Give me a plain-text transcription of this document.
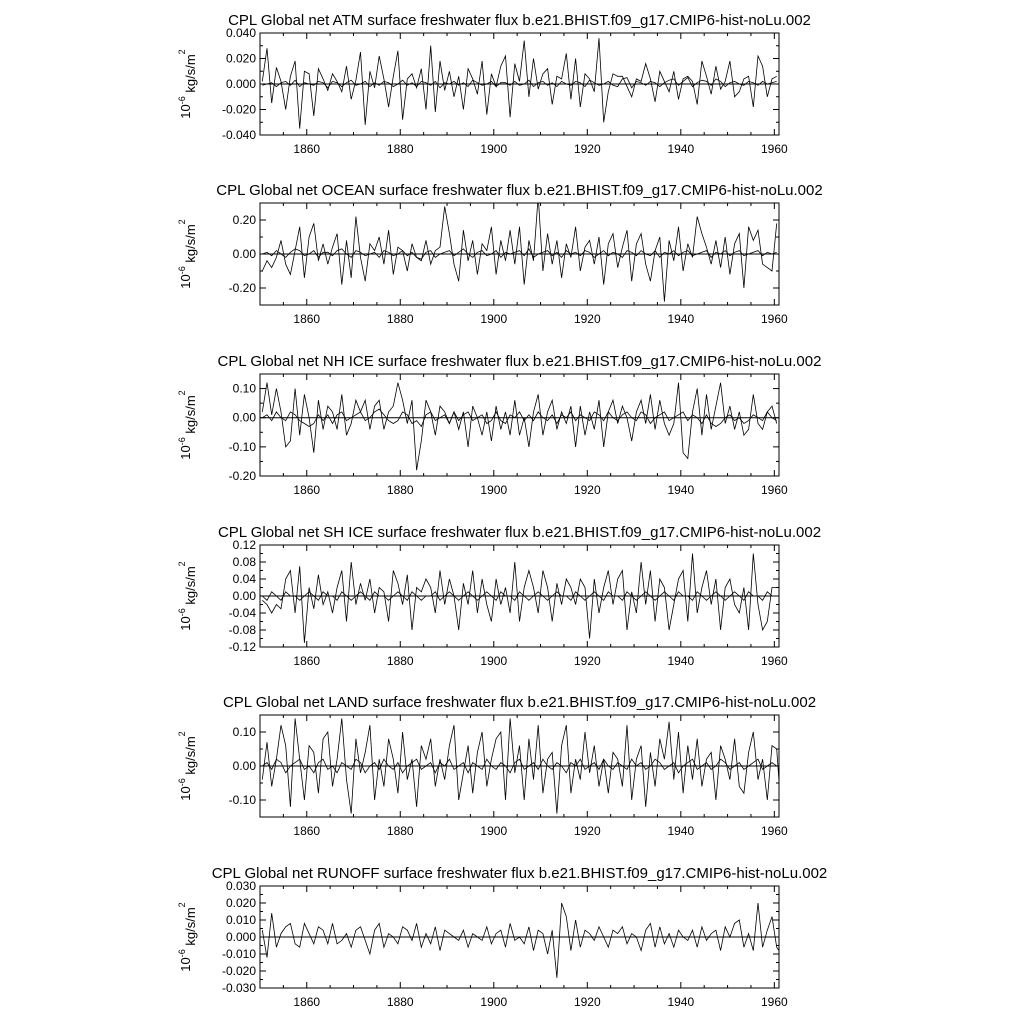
CPL Global net ATM surface freshwater flux b.e21.BHIST.f09_g17.CMIP6-hist-noLu.002
$10^{-6}$ $kg/s/m^2$
1860	1880	1900	1920	1940	1960
-0.040
-0.020
0.000
0.020
0.040
CPL Global net OCEAN surface freshwater flux b.e21.BHIST.f09_g17.CMIP6-hist-noLu.002
$10^{-6}$ $kg/s/m^2$
1860	1880	1900	1920	1940	1960
-0.20
0.00
0.20
CPL Global net NH ICE surface freshwater flux b.e21.BHIST.f09_g17.CMIP6-hist-noLu.002
$10^{-6}$ $kg/s/m^2$
1860	1880	1900	1920	1940	1960
-0.20
-0.10
0.00
0.10
CPL Global net SH ICE surface freshwater flux b.e21.BHIST.f09_g17.CMIP6-hist-noLu.002
$10^{-6}$ $kg/s/m^2$
1860	1880	1900	1920	1940	1960
-0.12
-0.08
-0.04
0.00
0.04
0.08
0.12
CPL Global net LAND surface freshwater flux b.e21.BHIST.f09_g17.CMIP6-hist-noLu.002
$10^{-6}$ $kg/s/m^2$
1860	1880	1900	1920	1940	1960
-0.10
0.00
0.10
CPL Global net RUNOFF surface freshwater flux b.e21.BHIST.f09_g17.CMIP6-hist-noLu.002
$10^{-6}$ $kg/s/m^2$
1860	1880	1900	1920	1940	1960
-0.030
-0.020
-0.010
0.000
0.010
0.020
0.030
